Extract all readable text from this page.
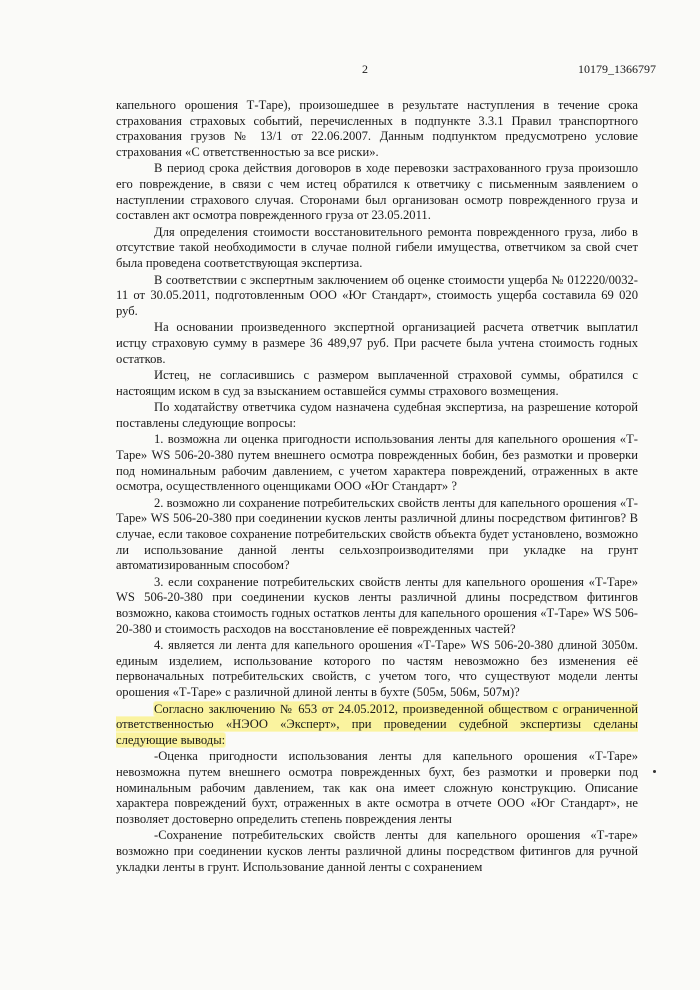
2	10179_1366797

капельного орошения Т-Таре), произошедшее в результате наступления в течение срока страхования страховых событий, перечисленных в подпункте 3.3.1 Правил транспортного страхования грузов № 13/1 от 22.06.2007. Данным подпунктом предусмотрено условие страхования «С ответственностью за все риски».

В период срока действия договоров в ходе перевозки застрахованного груза произошло его повреждение, в связи с чем истец обратился к ответчику с письменным заявлением о наступлении страхового случая. Сторонами был организован осмотр поврежденного груза и составлен акт осмотра поврежденного груза от 23.05.2011.

Для определения стоимости восстановительного ремонта поврежденного груза, либо в отсутствие такой необходимости в случае полной гибели имущества, ответчиком за свой счет была проведена соответствующая экспертиза.

В соответствии с экспертным заключением об оценке стоимости ущерба № 012220/0032-11 от 30.05.2011, подготовленным ООО «Юг Стандарт», стоимость ущерба составила 69 020 руб.

На основании произведенного экспертной организацией расчета ответчик выплатил истцу страховую сумму в размере 36 489,97 руб. При расчете была учтена стоимость годных остатков.

Истец, не согласившись с размером выплаченной страховой суммы, обратился с настоящим иском в суд за взысканием оставшейся суммы страхового возмещения.

По ходатайству ответчика судом назначена судебная экспертиза, на разрешение которой поставлены следующие вопросы:

1. возможна ли оценка пригодности использования ленты для капельного орошения «Т-Таре» WS 506-20-380 путем внешнего осмотра поврежденных бобин, без размотки и проверки под номинальным рабочим давлением, с учетом характера повреждений, отраженных в акте осмотра, осуществленного оценщиками ООО «Юг Стандарт» ?

2. возможно ли сохранение потребительских свойств ленты для капельного орошения «Т-Таре» WS 506-20-380 при соединении кусков ленты различной длины посредством фитингов? В случае, если таковое сохранение потребительских свойств объекта будет установлено, возможно ли использование данной ленты сельхозпроизводителями при укладке на грунт автоматизированным способом?

3. если сохранение потребительских свойств ленты для капельного орошения «Т-Таре» WS 506-20-380 при соединении кусков ленты различной длины посредством фитингов возможно, какова стоимость годных остатков ленты для капельного орошения «Т-Таре» WS 506-20-380 и стоимость расходов на восстановление её поврежденных частей?

4. является ли лента для капельного орошения «Т-Таре» WS 506-20-380 длиной 3050м. единым изделием, использование которого по частям невозможно без изменения её первоначальных потребительских свойств, с учетом того, что существуют модели ленты орошения «Т-Таре» с различной длиной ленты в бухте (505м, 506м, 507м)?

Согласно заключению № 653 от 24.05.2012, произведенной обществом с ограниченной ответственностью «НЭОО «Эксперт», при проведении судебной экспертизы сделаны следующие выводы:

-Оценка пригодности использования ленты для капельного орошения «Т-Таре» невозможна путем внешнего осмотра поврежденных бухт, без размотки и проверки под номинальным рабочим давлением, так как она имеет сложную конструкцию. Описание характера повреждений бухт, отраженных в акте осмотра в отчете ООО «Юг Стандарт», не позволяет достоверно определить степень повреждения ленты

-Сохранение потребительских свойств ленты для капельного орошения «Т-таре» возможно при соединении кусков ленты различной длины посредством фитингов для ручной укладки ленты в грунт. Использование данной ленты с сохранением
